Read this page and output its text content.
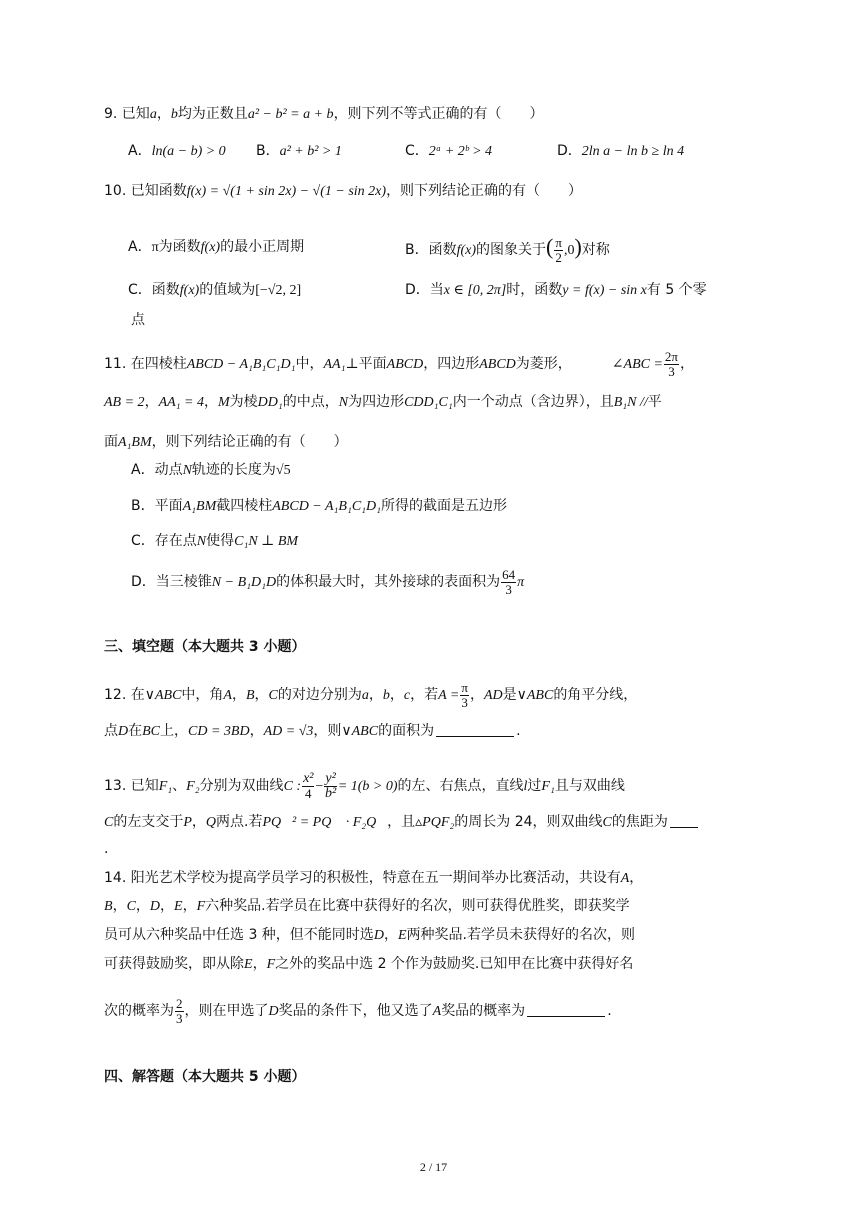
9. 已知a，b均为正数且a² − b² = a + b，则下列不等式正确的有（　　）
A．ln(a − b) > 0 B．a² + b² > 1	C．2ᵃ + 2ᵇ > 4	D．2ln a − ln b ≥ ln 4
10. 已知函数f(x) = √(1 + sin 2x) − √(1 − sin 2x)，则下列结论正确的有（　　）
A．π为函数f(x)的最小正周期	B．函数f(x)的图象关于( $\frac{\pi}{2} ,0$)对称
C．函数f(x)的值域为[−√2, 2]	D．当x ∈ [0, 2π]时，函数y = f(x) − sin x有 5 个零
点
11. 在四棱柱ABCD − A₁B₁C₁D₁中，AA₁⊥平面ABCD，四边形ABCD为菱形，	∠ABC = $\frac{2\pi}{3}$ ，
AB = 2，AA₁ = 4，M为棱DD₁的中点，N为四边形CDD₁C₁内一个动点（含边界），且B₁N //平
面A₁BM，则下列结论正确的有（　　）
A．动点N轨迹的长度为√5
B．平面A₁BM截四棱柱ABCD − A₁B₁C₁D₁所得的截面是五边形
C．存在点N使得C₁N ⊥ BM
D．当三棱锥N − B₁D₁D的体积最大时，其外接球的表面积为 $\frac{64}{3}$ π
三、填空题（本大题共 3 小题）
12. 在∨ABC中，角A，B，C的对边分别为a，b，c，若$A = \frac{\pi}{3}$ ，AD是∨ABC的角平分线，
点D在BC上，CD = 3BD，AD = √3，则∨ABC的面积为	.
13. 已知F₁、F₂分别为双曲线C : $\frac{\text{x²}}{4} - \frac{\text{y²}}{\text{b²}} = 1(b > 0)$的左、右焦点，直线l过F₁且与双曲线
C的左支交于P，Q两点.若PQ⃗² = PQ⃗ · F₂Q⃗，且▵PQF₂的周长为 24，则双曲线C的焦距为
.
14. 阳光艺术学校为提高学员学习的积极性，特意在五一期间举办比赛活动，共设有A，
B，C，D，E，F六种奖品.若学员在比赛中获得好的名次，则可获得优胜奖，即获奖学
员可从六种奖品中任选 3 种，但不能同时选D，E两种奖品.若学员未获得好的名次，则
可获得鼓励奖，即从除E，F之外的奖品中选 2 个作为鼓励奖.已知甲在比赛中获得好名
次的概率为 $\frac{2}{3}$ ，则在甲选了D奖品的条件下，他又选了A奖品的概率为	.
四、解答题（本大题共 5 小题）
2 / 17
